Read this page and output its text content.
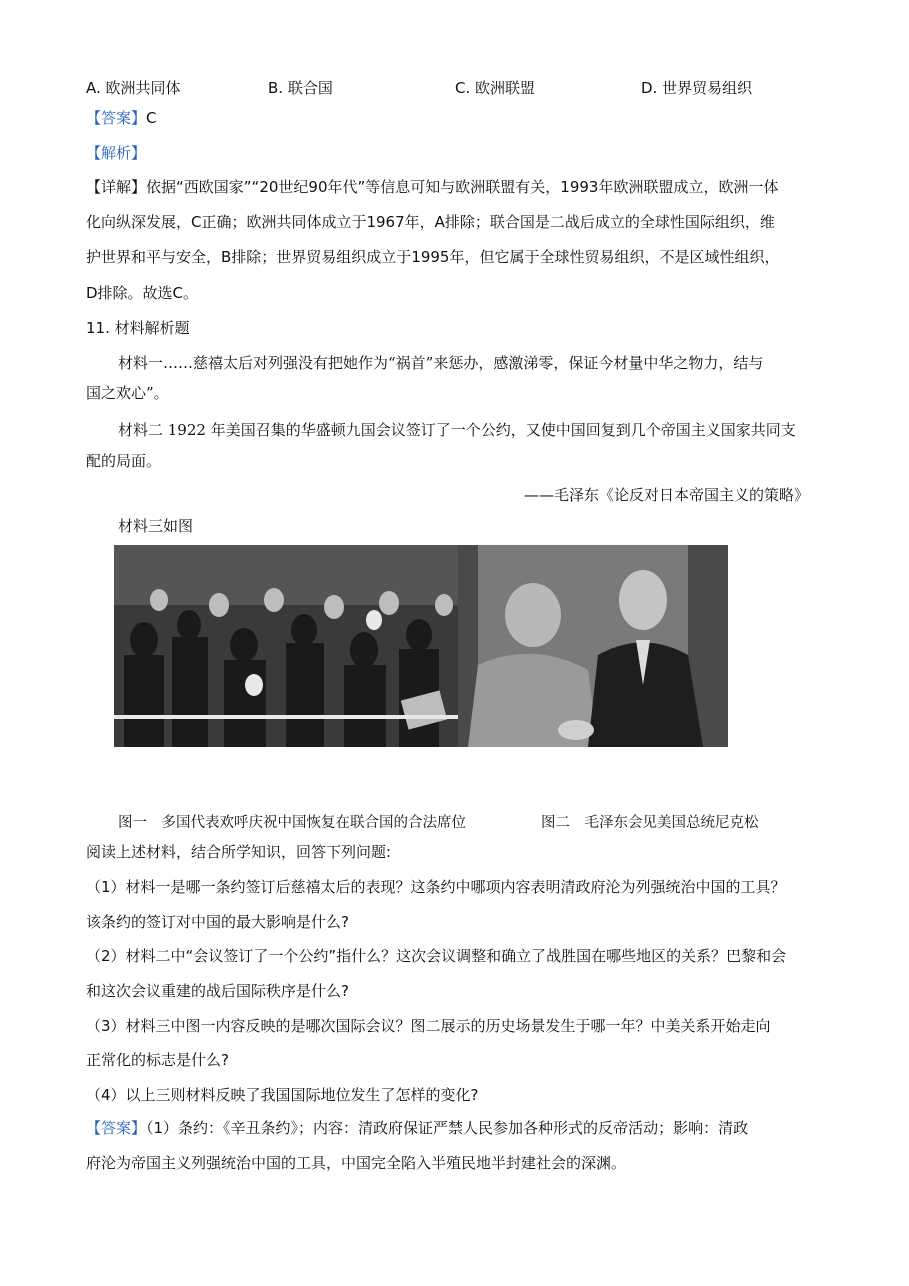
A. 欧洲共同体	B. 联合国	C. 欧洲联盟	D. 世界贸易组织
【答案】C
【解析】
【详解】依据“西欧国家”“20世纪90年代”等信息可知与欧洲联盟有关，1993年欧洲联盟成立，欧洲一体
化向纵深发展，C正确；欧洲共同体成立于1967年，A排除；联合国是二战后成立的全球性国际组织，维
护世界和平与安全，B排除；世界贸易组织成立于1995年，但它属于全球性贸易组织，不是区域性组织，
D排除。故选C。
11. 材料解析题
材料一……慈禧太后对列强没有把她作为“祸首”来惩办，感激涕零，保证今材量中华之物力，结与
国之欢心”。
材料二 1922 年美国召集的华盛顿九国会议签订了一个公约，又使中国回复到几个帝国主义国家共同支
配的局面。
——毛泽东《论反对日本帝国主义的策略》
材料三如图
图一　多国代表欢呼庆祝中国恢复在联合国的合法席位	图二　毛泽东会见美国总统尼克松
阅读上述材料，结合所学知识，回答下列问题:
（1）材料一是哪一条约签订后慈禧太后的表现？这条约中哪项内容表明清政府沦为列强统治中国的工具？
该条约的签订对中国的最大影响是什么?
（2）材料二中“会议签订了一个公约”指什么？这次会议调整和确立了战胜国在哪些地区的关系？巴黎和会
和这次会议重建的战后国际秩序是什么?
（3）材料三中图一内容反映的是哪次国际会议？图二展示的历史场景发生于哪一年？中美关系开始走向
正常化的标志是什么?
（4）以上三则材料反映了我国国际地位发生了怎样的变化?
【答案】（1）条约：《辛丑条约》；内容：清政府保证严禁人民参加各种形式的反帝活动；影响：清政
府沦为帝国主义列强统治中国的工具，中国完全陷入半殖民地半封建社会的深渊。
